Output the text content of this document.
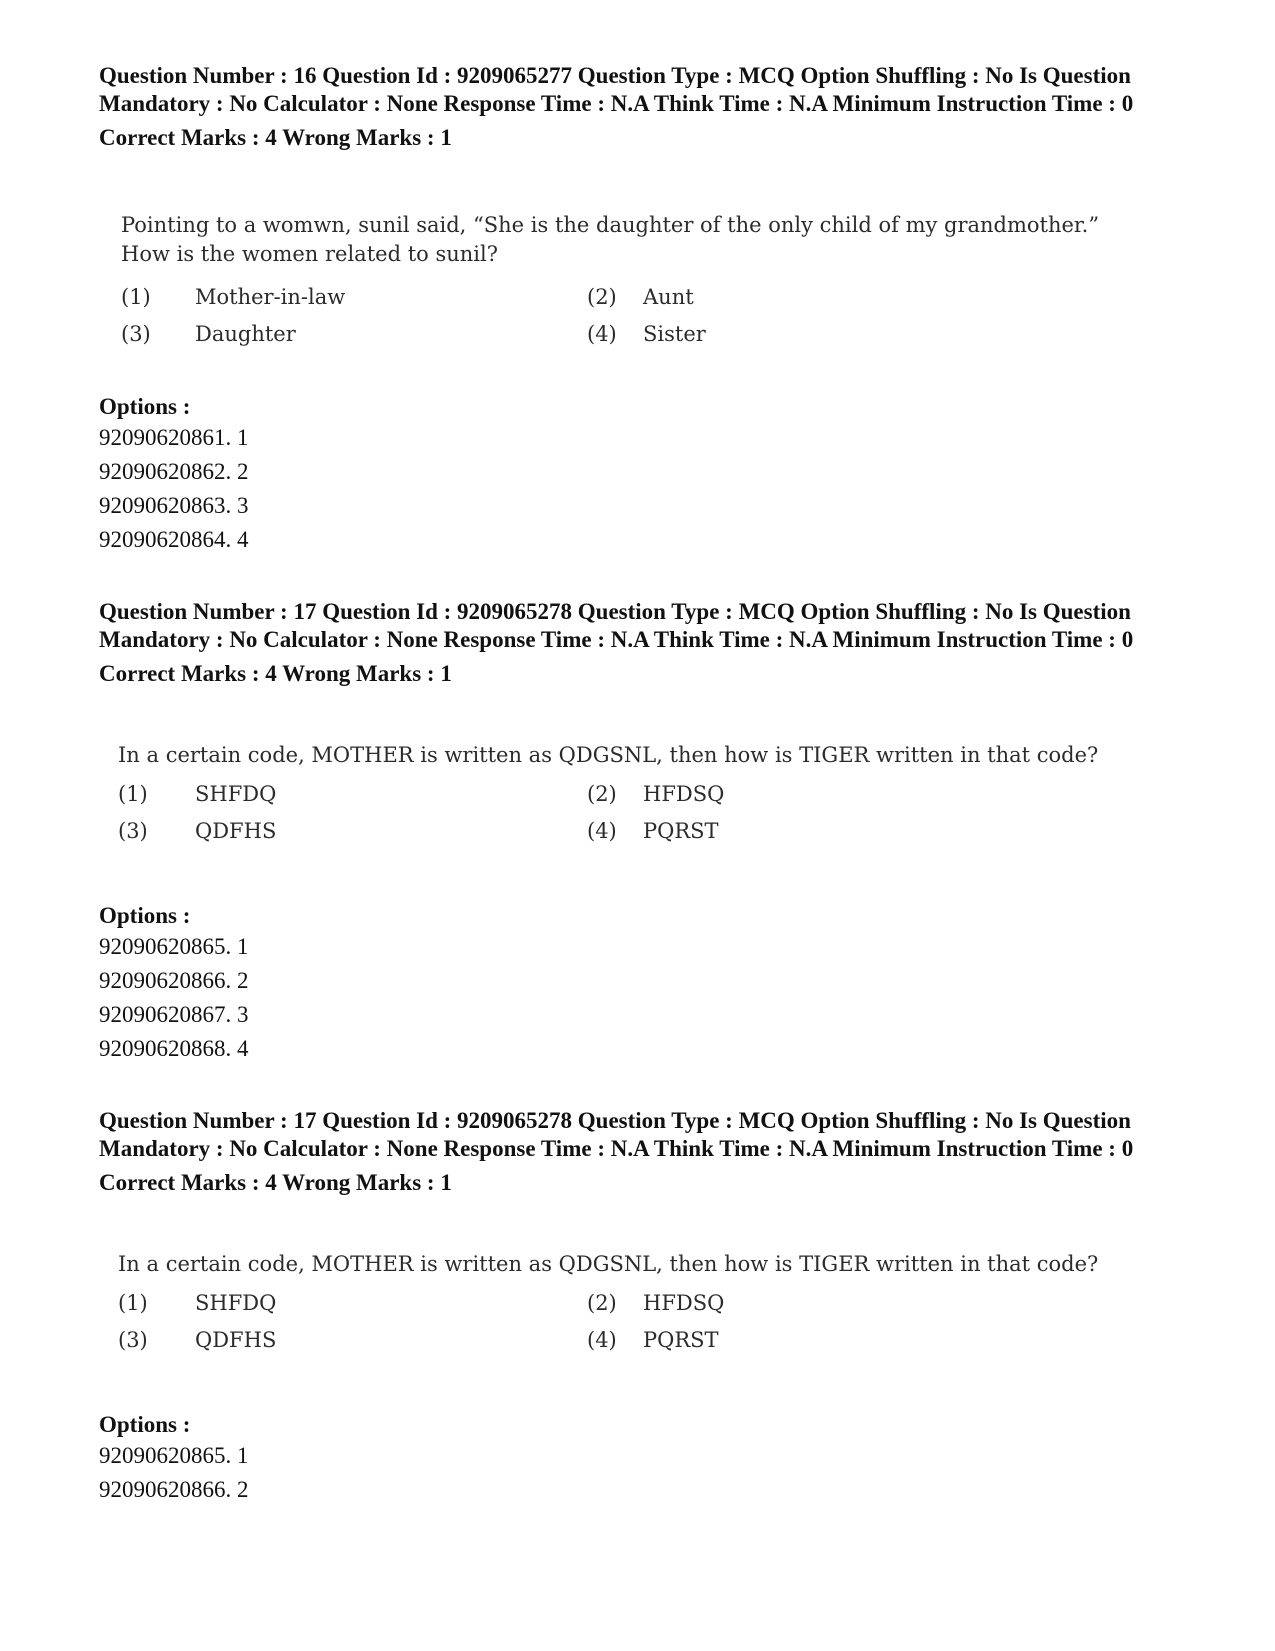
Question Number : 16 Question Id : 9209065277 Question Type : MCQ Option Shuffling : No Is Question Mandatory : No Calculator : None Response Time : N.A Think Time : N.A Minimum Instruction Time : 0

Correct Marks : 4 Wrong Marks : 1
Pointing to a womwn, sunil said, “She is the daughter of the only child of my grandmother.” How is the women related to sunil?
(1)	Mother-in-law	(2)	Aunt
(3)	Daughter	(4)	Sister
Options :
92090620861. 1
92090620862. 2
92090620863. 3
92090620864. 4

Question Number : 17 Question Id : 9209065278 Question Type : MCQ Option Shuffling : No Is Question Mandatory : No Calculator : None Response Time : N.A Think Time : N.A Minimum Instruction Time : 0

Correct Marks : 4 Wrong Marks : 1
In a certain code, MOTHER is written as QDGSNL, then how is TIGER written in that code?
(1)	SHFDQ	(2)	HFDSQ
(3)	QDFHS	(4)	PQRST
Options :
92090620865. 1
92090620866. 2
92090620867. 3
92090620868. 4

Question Number : 17 Question Id : 9209065278 Question Type : MCQ Option Shuffling : No Is Question Mandatory : No Calculator : None Response Time : N.A Think Time : N.A Minimum Instruction Time : 0

Correct Marks : 4 Wrong Marks : 1
In a certain code, MOTHER is written as QDGSNL, then how is TIGER written in that code?
(1)	SHFDQ	(2)	HFDSQ
(3)	QDFHS	(4)	PQRST
Options :
92090620865. 1
92090620866. 2
